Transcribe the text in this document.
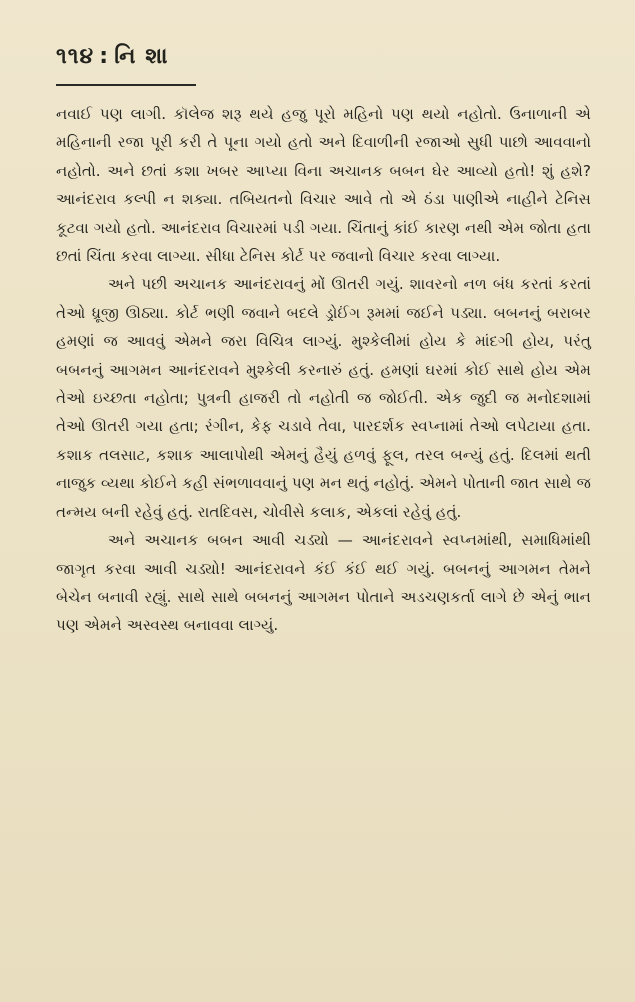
૧૧૪ : નિ શા

નવાઈ પણ લાગી. કૉલેજ શરૂ થયે હજુ પૂરો મહિનો પણ થયો નહોતો. ઉનાળાની એ મહિનાની રજા પૂરી કરી તે પૂના ગયો હતો અને દિવાળીની રજાઓ સુધી પાછો આવવાનો નહોતો. અને છતાં કશા ખબર આપ્યા વિના અચાનક બબન ઘેર આવ્યો હતો! શું હશે? આનંદરાવ કલ્પી ન શક્યા. તબિયતનો વિચાર આવે તો એ ઠંડા પાણીએ નાહીને ટેનિસ કૂટવા ગયો હતો. આનંદરાવ વિચારમાં પડી ગયા. ચિંતાનું કાંઈ કારણ નથી એમ જોતા હતા છતાં ચિંતા કરવા લાગ્યા. સીધા ટેનિસ કોર્ટ પર જવાનો વિચાર કરવા લાગ્યા.

અને પછી અચાનક આનંદરાવનું મોં ઊતરી ગયું. શાવરનો નળ બંધ કરતાં કરતાં તેઓ ધ્રૂજી ઊઠ્યા. કોર્ટ ભણી જવાને બદલે ડ્રોઈંગ રૂમમાં જઈને પડ્યા. બબનનું બરાબર હમણાં જ આવવું એમને જરા વિચિત્ર લાગ્યું. મુશ્કેલીમાં હોય કે માંદગી હોય, પરંતુ બબનનું આગમન આનંદરાવને મુશ્કેલી કરનારું હતું. હમણાં ઘરમાં કોઈ સાથે હોય એમ તેઓ ઇચ્છતા નહોતા; પુત્રની હાજરી તો નહોતી જ જોઈતી. એક જુદી જ મનોદશામાં તેઓ ઊતરી ગયા હતા; રંગીન, કેફ ચડાવે તેવા, પારદર્શક સ્વપ્નામાં તેઓ લપેટાયા હતા. કશાક તલસાટ, કશાક આલાપોથી એમનું હૈયું હળવું ફૂલ, તરલ બન્યું હતું. દિલમાં થતી નાજુક વ્યથા કોઈને કહી સંભળાવવાનું પણ મન થતું નહોતું. એમને પોતાની જાત સાથે જ તન્મય બની રહેવું હતું. રાતદિવસ, ચોવીસે કલાક, એકલાં રહેવું હતું.

અને અચાનક બબન આવી ચડ્યો — આનંદરાવને સ્વપ્નમાંથી, સમાધિમાંથી જાગૃત કરવા આવી ચડ્યો! આનંદરાવને કંઈ કંઈ થઈ ગયું. બબનનું આગમન તેમને બેચેન બનાવી રહ્યું. સાથે સાથે બબનનું આગમન પોતાને અડચણકર્તા લાગે છે એનું ભાન પણ એમને અસ્વસ્થ બનાવવા લાગ્યું.
